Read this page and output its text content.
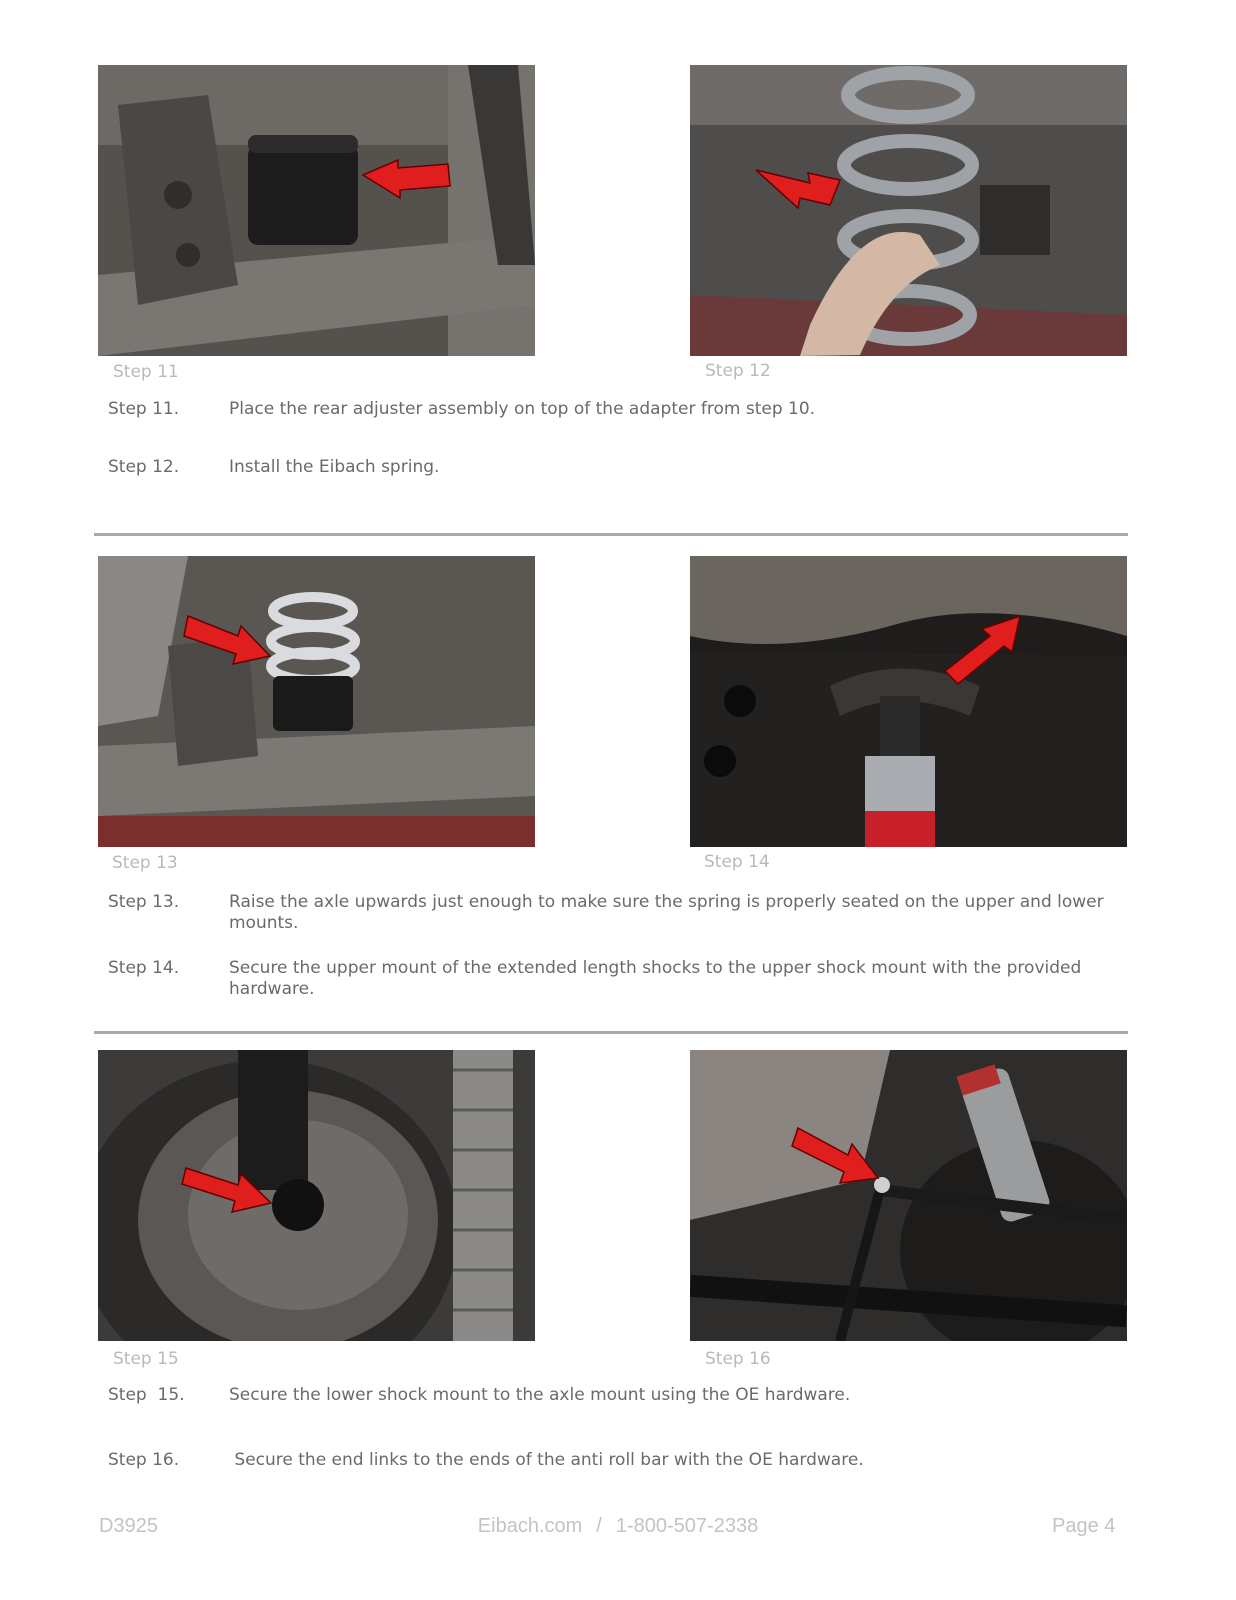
Step 11	Step 12
Step 11.	Place the rear adjuster assembly on top of the adapter from step 10.
Step 12.	Install the Eibach spring.
Step 13	Step 14
Step 13.	Raise the axle upwards just enough to make sure the spring is properly seated on the upper and lower mounts.
Step 14.	Secure the upper mount of the extended length shocks to the upper shock mount with the provided hardware.
Step 15	Step 16
Step  15.	Secure the lower shock mount to the axle mount using the OE hardware.
Step 16.	Secure the end links to the ends of the anti roll bar with the OE hardware.
D3925	Eibach.com / 1-800-507-2338	Page 4
